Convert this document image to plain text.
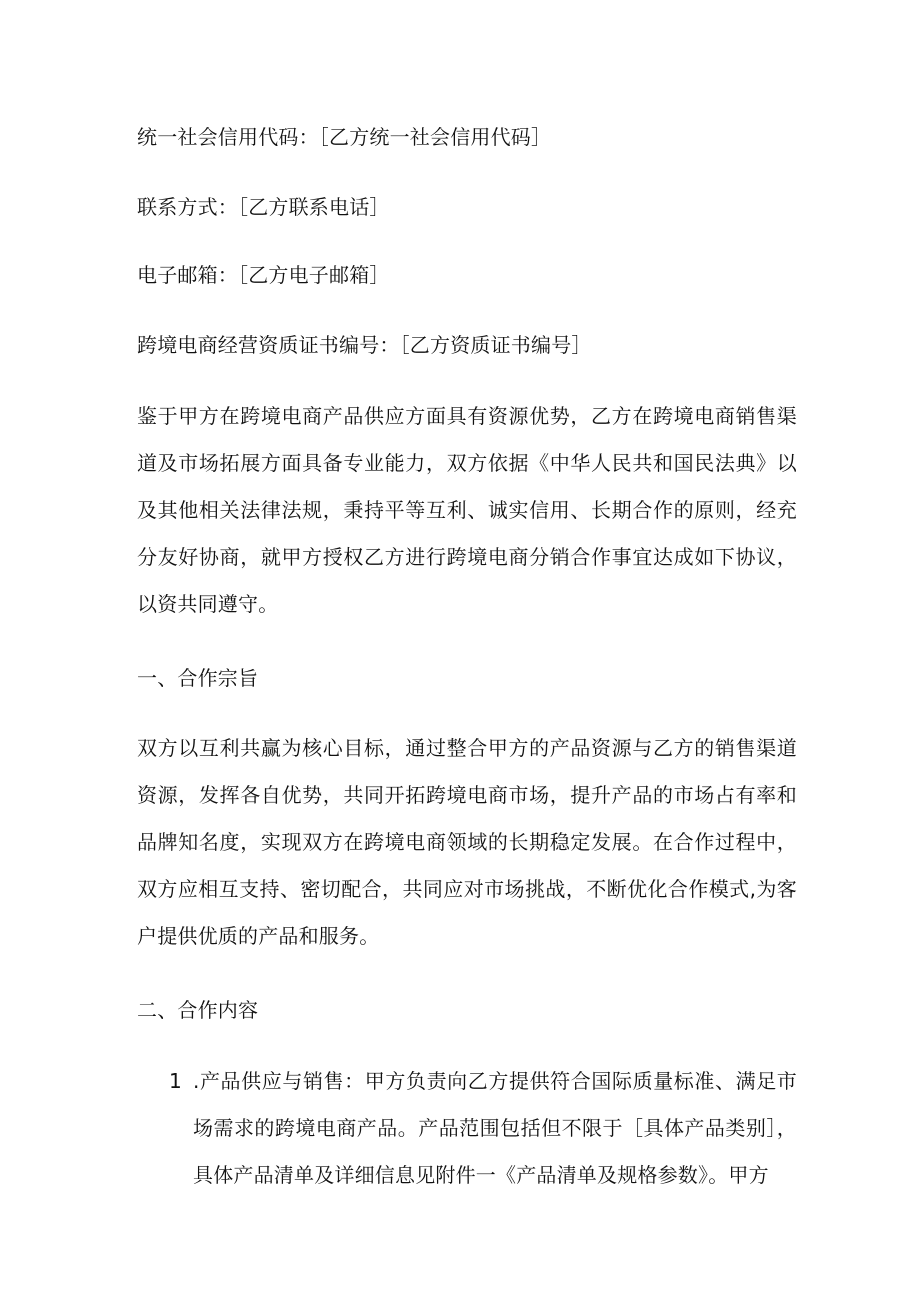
统一社会信用代码：［乙方统一社会信用代码］
联系方式：［乙方联系电话］
电子邮箱：［乙方电子邮箱］
跨境电商经营资质证书编号：［乙方资质证书编号］
鉴于甲方在跨境电商产品供应方面具有资源优势，乙方在跨境电商销售渠道及市场拓展方面具备专业能力，双方依据《中华人民共和国民法典》以及其他相关法律法规，秉持平等互利、诚实信用、长期合作的原则，经充分友好协商，就甲方授权乙方进行跨境电商分销合作事宜达成如下协议，以资共同遵守。
一、合作宗旨
双方以互利共赢为核心目标，通过整合甲方的产品资源与乙方的销售渠道资源，发挥各自优势，共同开拓跨境电商市场，提升产品的市场占有率和品牌知名度，实现双方在跨境电商领域的长期稳定发展。在合作过程中，双方应相互支持、密切配合，共同应对市场挑战，不断优化合作模式,为客户提供优质的产品和服务。
二、合作内容
1 .产品供应与销售：甲方负责向乙方提供符合国际质量标准、满足市场需求的跨境电商产品。产品范围包括但不限于［具体产品类别］，具体产品清单及详细信息见附件一《产品清单及规格参数》。甲方
